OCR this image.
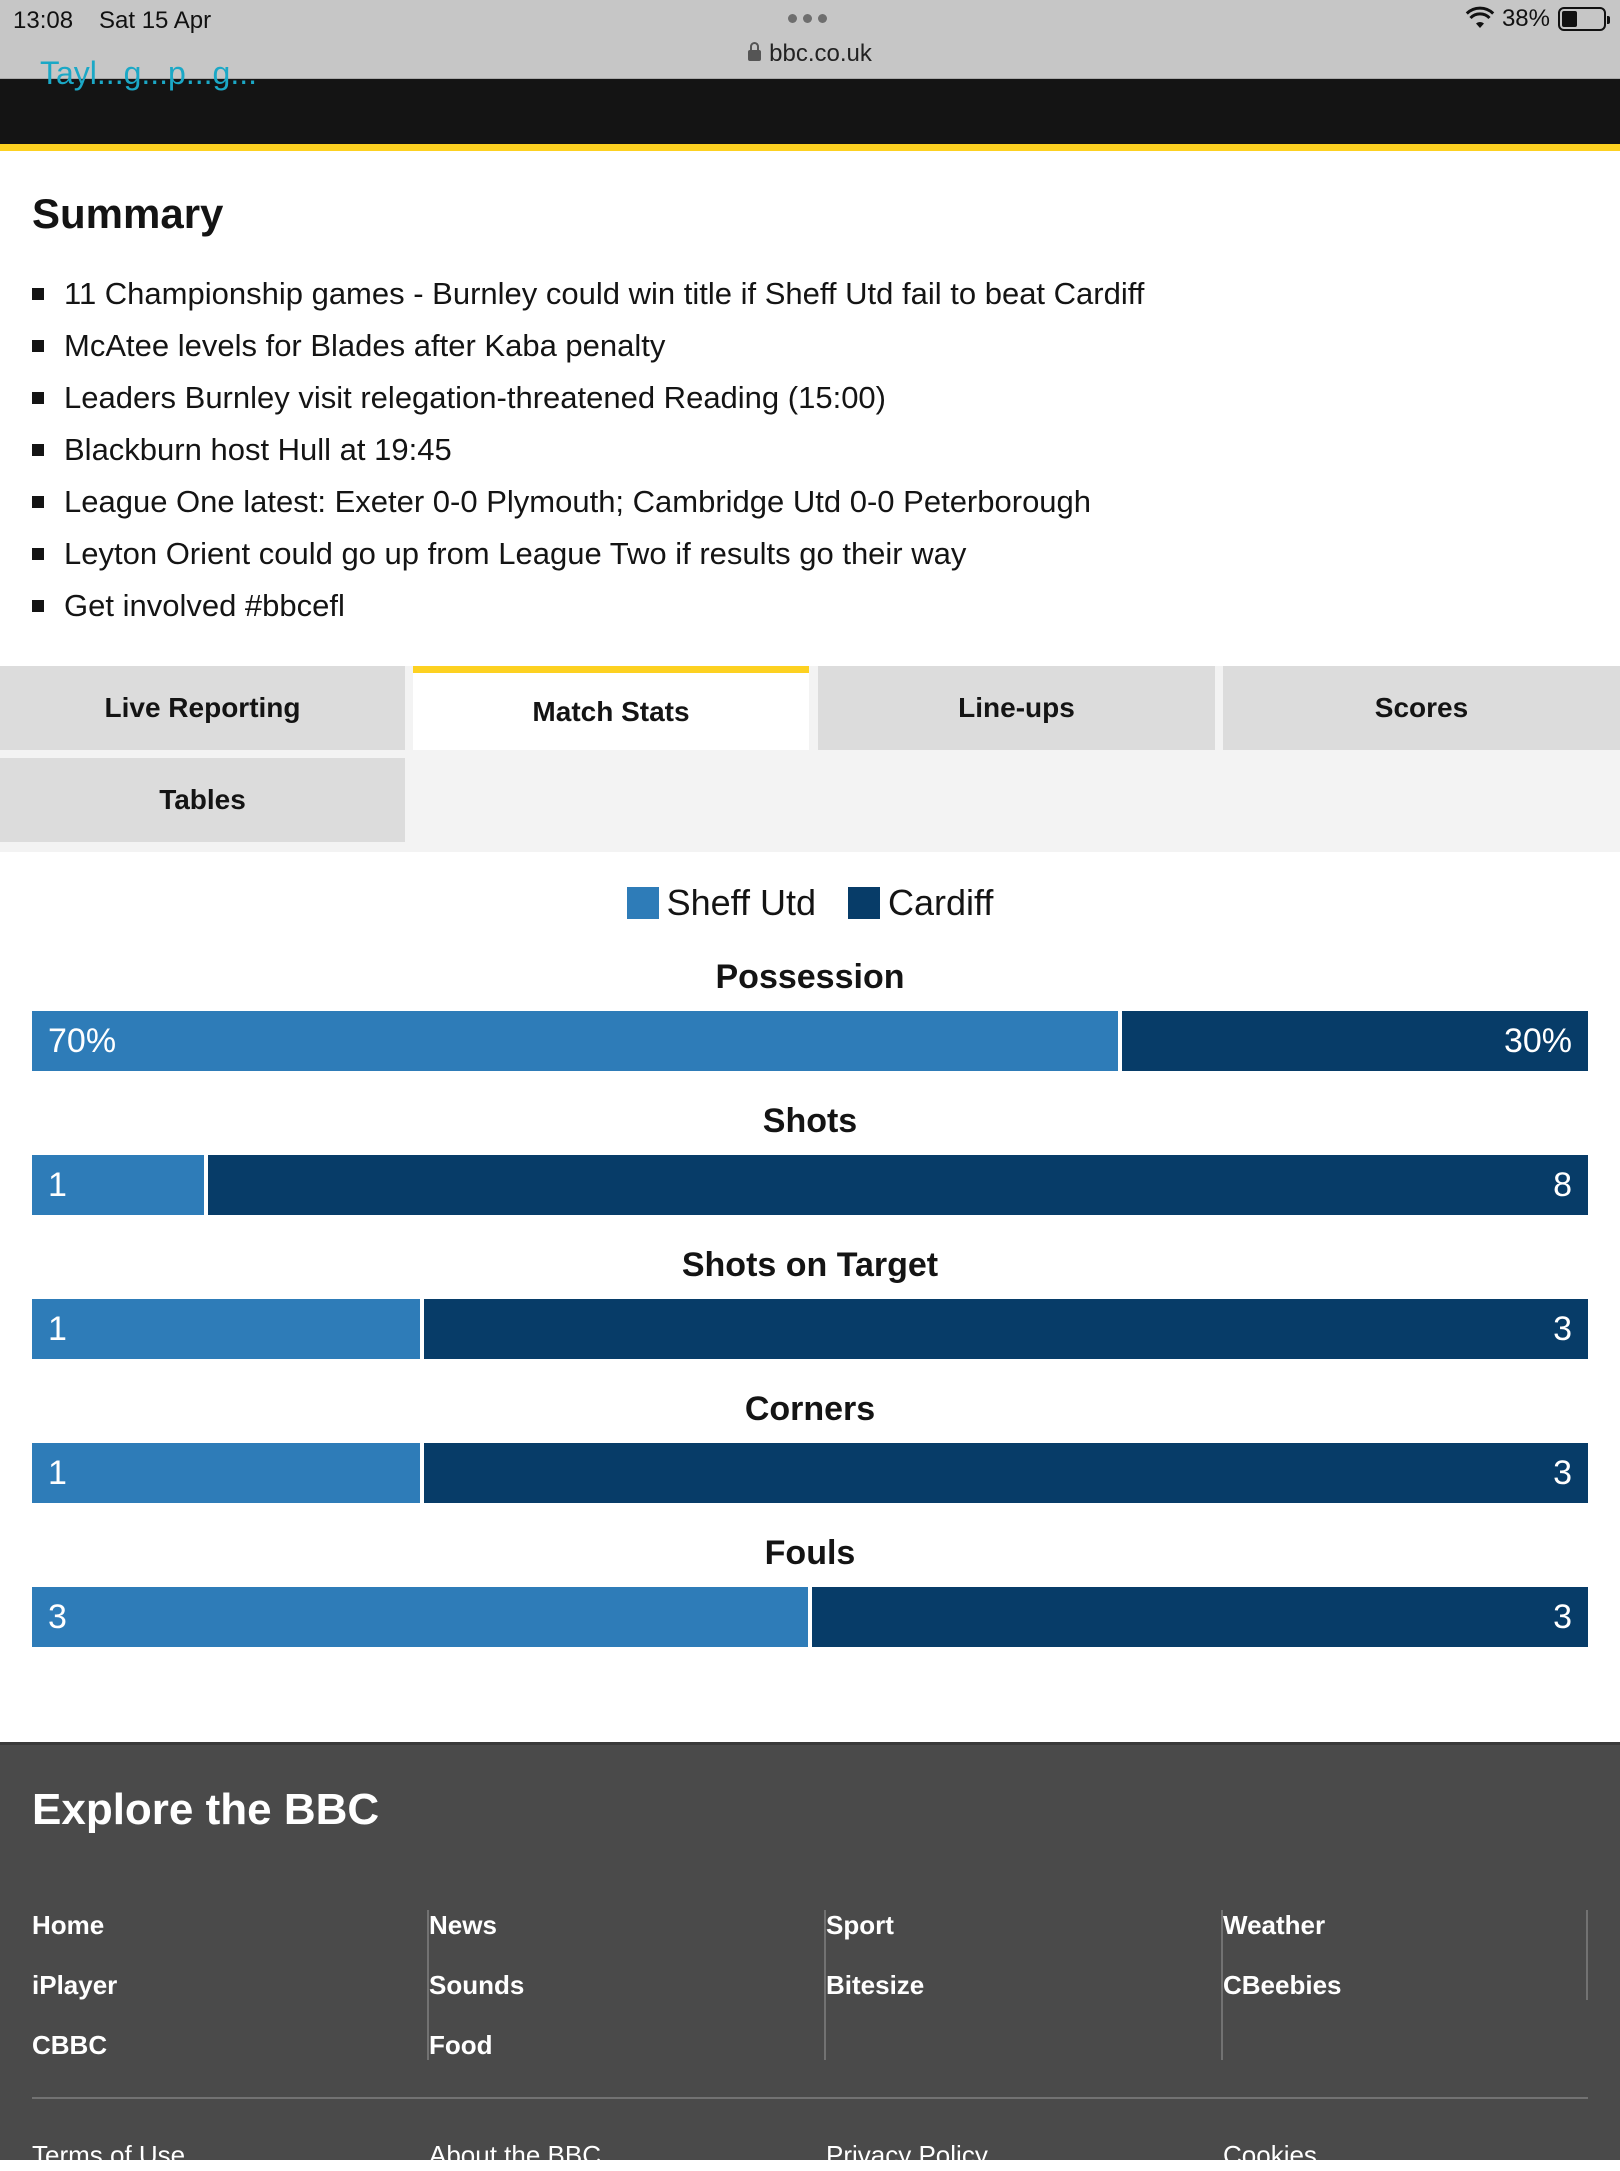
13:08 Sat 15 Apr
bbc.co.uk
38%
Tayl...g...p...g...
Summary
11 Championship games - Burnley could win title if Sheff Utd fail to beat Cardiff
McAtee levels for Blades after Kaba penalty
Leaders Burnley visit relegation-threatened Reading (15:00)
Blackburn host Hull at 19:45
League One latest: Exeter 0-0 Plymouth; Cambridge Utd 0-0 Peterborough
Leyton Orient could go up from League Two if results go their way
Get involved #bbcefl
Live Reporting	Match Stats	Line-ups	Scores
Tables
Sheff Utd Cardiff
Possession
70%	30%
Shots
1	8
Shots on Target
1	3
Corners
1	3
Fouls
3	3
Explore the BBC
Home
iPlayer
CBBC
News
Sounds
Food
Sport
Bitesize
Weather
CBeebies
Terms of Use	About the BBC	Privacy Policy	Cookies
